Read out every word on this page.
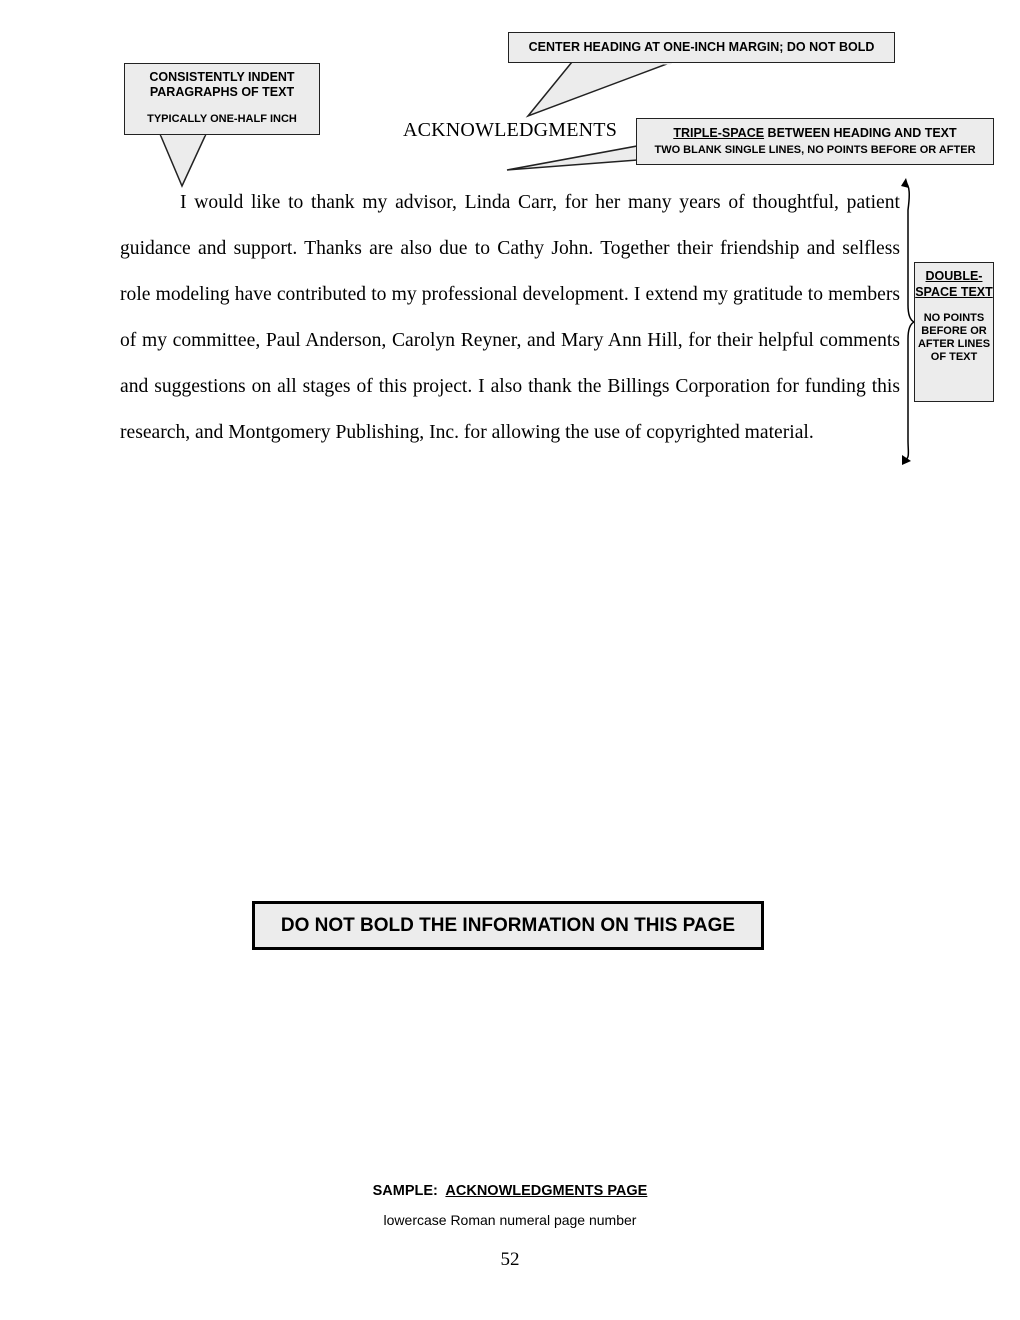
CENTER HEADING AT ONE-INCH MARGIN; DO NOT BOLD
CONSISTENTLY INDENT PARAGRAPHS OF TEXT
TYPICALLY ONE-HALF INCH
TRIPLE-SPACE BETWEEN HEADING AND TEXT
TWO BLANK SINGLE LINES, NO POINTS BEFORE OR AFTER
DOUBLE-SPACE TEXT
NO POINTS BEFORE OR AFTER LINES OF TEXT
ACKNOWLEDGMENTS
I would like to thank my advisor, Linda Carr, for her many years of thoughtful, patient guidance and support. Thanks are also due to Cathy John. Together their friendship and selfless role modeling have contributed to my professional development. I extend my gratitude to members of my committee, Paul Anderson, Carolyn Reyner, and Mary Ann Hill, for their helpful comments and suggestions on all stages of this project. I also thank the Billings Corporation for funding this research, and Montgomery Publishing, Inc. for allowing the use of copyrighted material.
DO NOT BOLD THE INFORMATION ON THIS PAGE
SAMPLE: ACKNOWLEDGMENTS PAGE
lowercase Roman numeral page number
52
